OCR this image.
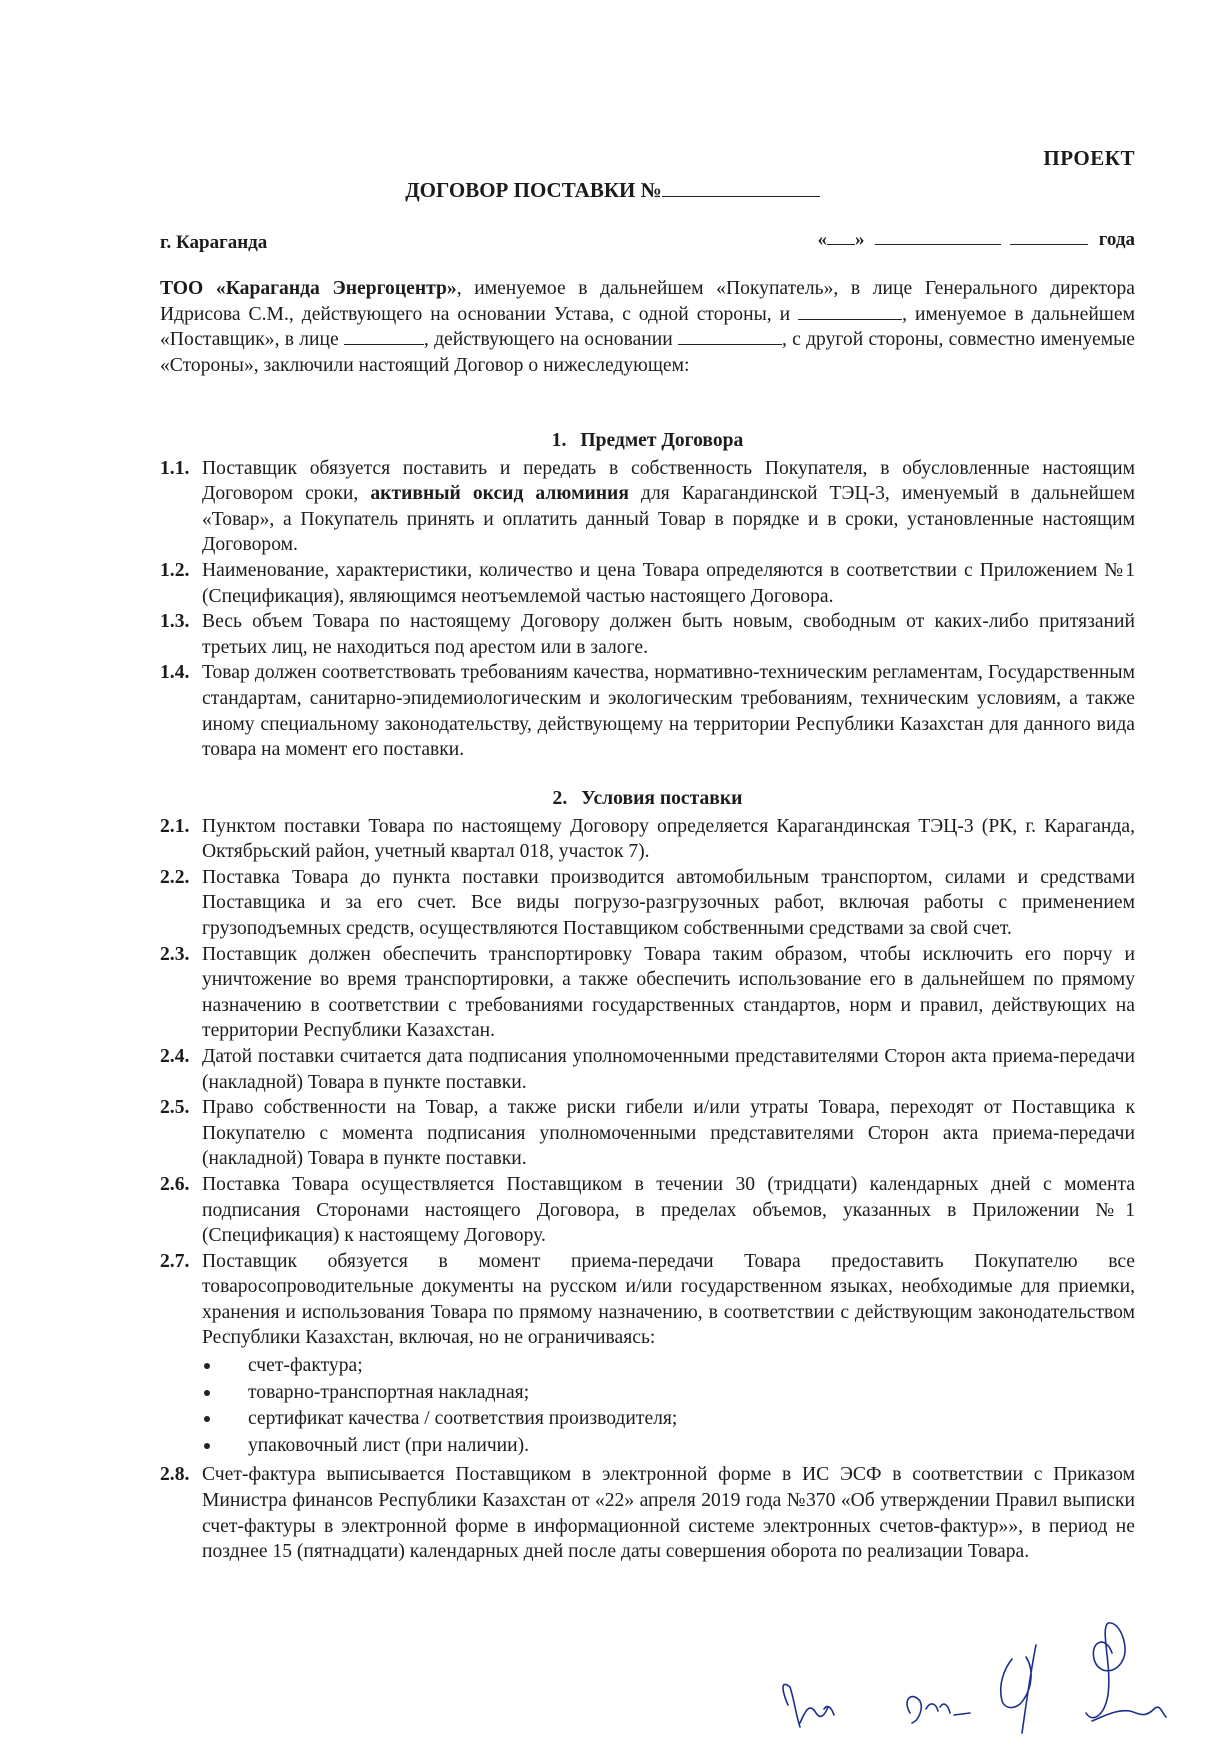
ПРОЕКТ
ДОГОВОР ПОСТАВКИ №
г. Караганда	« »	года
ТОО «Караганда Энергоцентр», именуемое в дальнейшем «Покупатель», в лице Генерального директора Идрисова С.М., действующего на основании Устава, с одной стороны, и	, именуемое в дальнейшем «Поставщик», в лице	, действующего на основании	, с другой стороны, совместно именуемые «Стороны», заключили настоящий Договор о нижеследующем:
1. Предмет Договора
1.1. Поставщик обязуется поставить и передать в собственность Покупателя, в обусловленные настоящим Договором сроки, активный оксид алюминия для Карагандинской ТЭЦ-3, именуемый в дальнейшем «Товар», а Покупатель принять и оплатить данный Товар в порядке и в сроки, установленные настоящим Договором.
1.2. Наименование, характеристики, количество и цена Товара определяются в соответствии с Приложением №1 (Спецификация), являющимся неотъемлемой частью настоящего Договора.
1.3. Весь объем Товара по настоящему Договору должен быть новым, свободным от каких-либо притязаний третьих лиц, не находиться под арестом или в залоге.
1.4. Товар должен соответствовать требованиям качества, нормативно-техническим регламентам, Государственным стандартам, санитарно-эпидемиологическим и экологическим требованиям, техническим условиям, а также иному специальному законодательству, действующему на территории Республики Казахстан для данного вида товара на момент его поставки.
2. Условия поставки
2.1. Пунктом поставки Товара по настоящему Договору определяется Карагандинская ТЭЦ-3 (РК, г. Караганда, Октябрьский район, учетный квартал 018, участок 7).
2.2. Поставка Товара до пункта поставки производится автомобильным транспортом, силами и средствами Поставщика и за его счет. Все виды погрузо-разгрузочных работ, включая работы с применением грузоподъемных средств, осуществляются Поставщиком собственными средствами за свой счет.
2.3. Поставщик должен обеспечить транспортировку Товара таким образом, чтобы исключить его порчу и уничтожение во время транспортировки, а также обеспечить использование его в дальнейшем по прямому назначению в соответствии с требованиями государственных стандартов, норм и правил, действующих на территории Республики Казахстан.
2.4. Датой поставки считается дата подписания уполномоченными представителями Сторон акта приема-передачи (накладной) Товара в пункте поставки.
2.5. Право собственности на Товар, а также риски гибели и/или утраты Товара, переходят от Поставщика к Покупателю с момента подписания уполномоченными представителями Сторон акта приема-передачи (накладной) Товара в пункте поставки.
2.6. Поставка Товара осуществляется Поставщиком в течении 30 (тридцати) календарных дней с момента подписания Сторонами настоящего Договора, в пределах объемов, указанных в Приложении №1 (Спецификация) к настоящему Договору.
2.7. Поставщик обязуется в момент приема-передачи Товара предоставить Покупателю все товаросопроводительные документы на русском и/или государственном языках, необходимые для приемки, хранения и использования Товара по прямому назначению, в соответствии с действующим законодательством Республики Казахстан, включая, но не ограничиваясь:
счет-фактура;
товарно-транспортная накладная;
сертификат качества / соответствия производителя;
упаковочный лист (при наличии).
2.8. Счет-фактура выписывается Поставщиком в электронной форме в ИС ЭСФ в соответствии с Приказом Министра финансов Республики Казахстан от «22» апреля 2019 года №370 «Об утверждении Правил выписки счет-фактуры в электронной форме в информационной системе электронных счетов-фактур»», в период не позднее 15 (пятнадцати) календарных дней после даты совершения оборота по реализации Товара.
